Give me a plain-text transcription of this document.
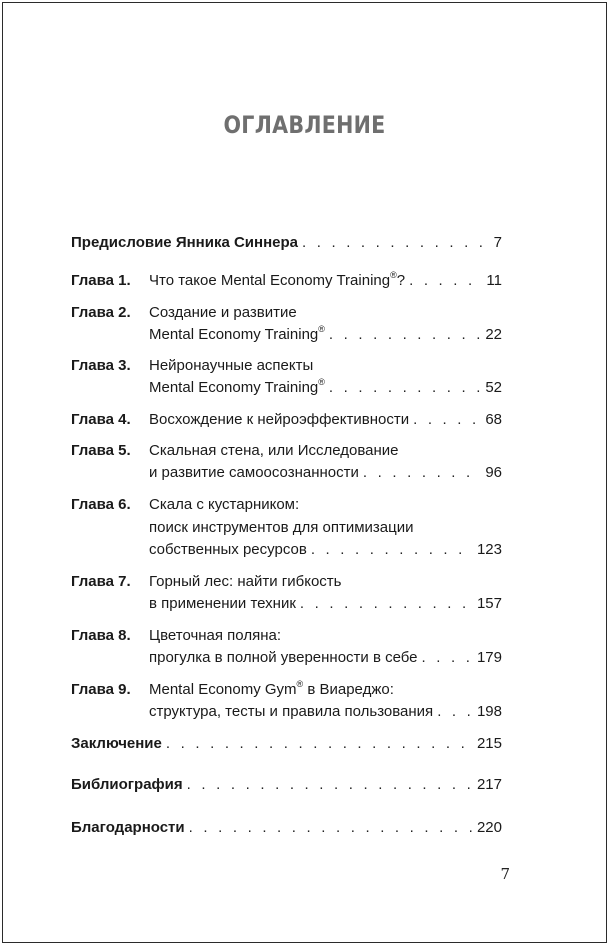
ОГЛАВЛЕНИЕ
Предисловие Янника Синнера . . .	7
Глава 1.	Что такое Mental Economy Training®? . . .	11
Глава 2. Создание и развитие
Mental Economy Training® . . .	22
Глава 3. Нейронаучные аспекты
Mental Economy Training® . . .	52
Глава 4.	Восхождение к нейроэффективности . . .	68
Глава 5. Скальная стена, или Исследование
и развитие самоосознанности . . .	96
Глава 6. Скала с кустарником:
поиск инструментов для оптимизации
собственных ресурсов . . .	123
Глава 7. Горный лес: найти гибкость
в применении техник . . .	157
Глава 8. Цветочная поляна:
прогулка в полной уверенности в себе . . .	179
Глава 9. Mental Economy Gym® в Виареджо:
структура, тесты и правила пользования . . .	198
Заключение . . .	215
Библиография . . .	217
Благодарности . . .	220
7
